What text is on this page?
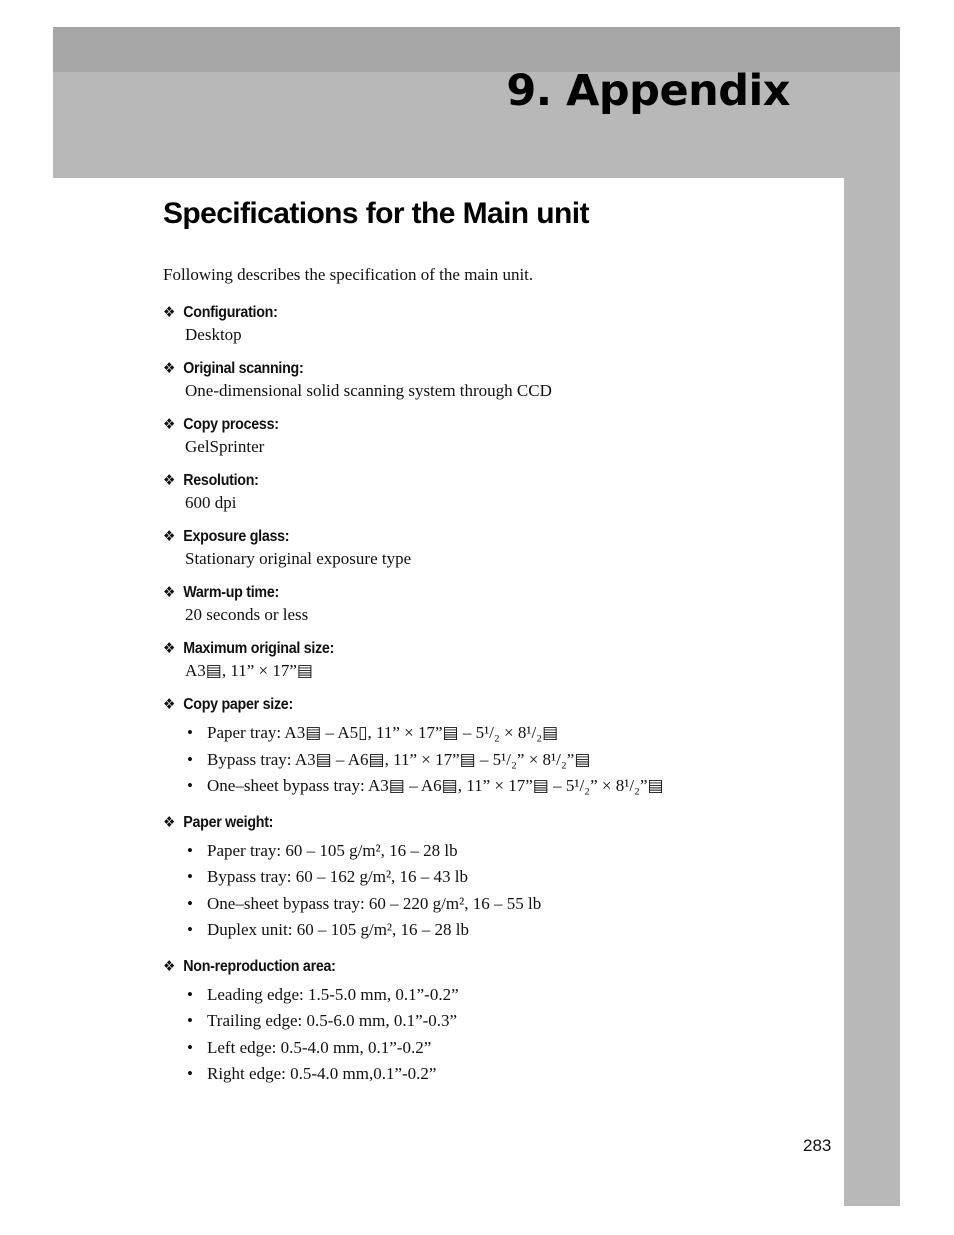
9. Appendix
Specifications for the Main unit

Following describes the specification of the main unit.

❖ Configuration:
Desktop
❖ Original scanning:
One-dimensional solid scanning system through CCD
❖ Copy process:
GelSprinter
❖ Resolution:
600 dpi
❖ Exposure glass:
Stationary original exposure type
❖ Warm-up time:
20 seconds or less
❖ Maximum original size:
A3▤, 11” × 17”▤
❖ Copy paper size:
• Paper tray: A3▤ – A5▯, 11” × 17”▤ – 5¹/₂ × 8¹/₂▤
• Bypass tray: A3▤ – A6▤, 11” × 17”▤ – 5¹/₂” × 8¹/₂”▤
• One–sheet bypass tray: A3▤ – A6▤, 11” × 17”▤ – 5¹/₂” × 8¹/₂”▤
❖ Paper weight:
• Paper tray: 60 – 105 g/m², 16 – 28 lb
• Bypass tray: 60 – 162 g/m², 16 – 43 lb
• One–sheet bypass tray: 60 – 220 g/m², 16 – 55 lb
• Duplex unit: 60 – 105 g/m², 16 – 28 lb
❖ Non-reproduction area:
• Leading edge: 1.5-5.0 mm, 0.1”-0.2”
• Trailing edge: 0.5-6.0 mm, 0.1”-0.3”
• Left edge: 0.5-4.0 mm, 0.1”-0.2”
• Right edge: 0.5-4.0 mm,0.1”-0.2”

283
